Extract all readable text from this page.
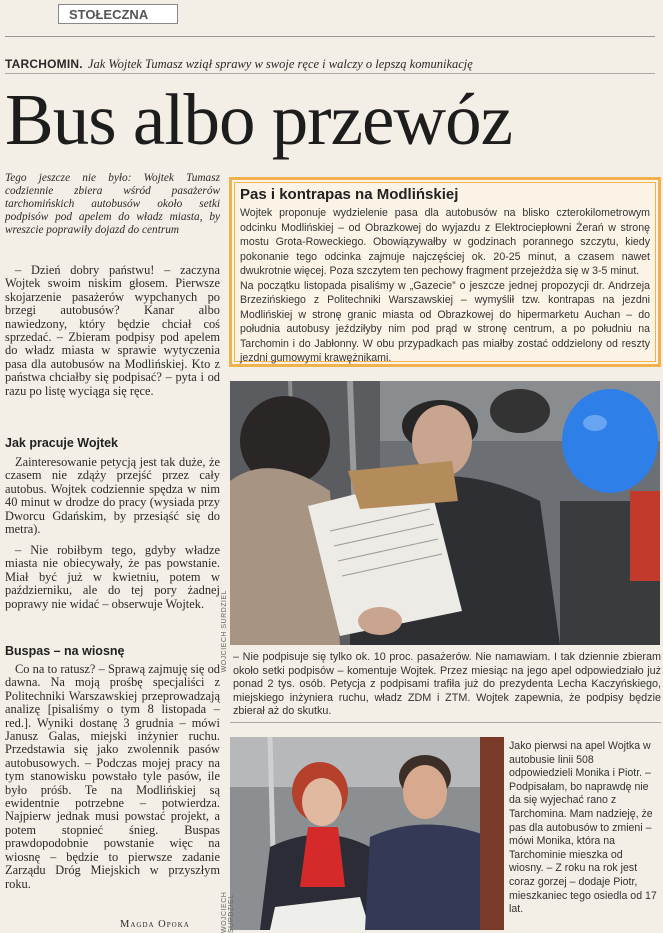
STOŁECZNA
TARCHOMIN. Jak Wojtek Tumasz wziął sprawy w swoje ręce i walczy o lepszą komunikację
Bus albo przewóz
Tego jeszcze nie było: Wojtek Tumasz codziennie zbiera wśród pasażerów tarchomińskich autobusów około setki podpisów pod apelem do władz miasta, by wreszcie poprawiły dojazd do centrum

– Dzień dobry państwu! – zaczyna Wojtek swoim niskim głosem. Pierwsze skojarzenie pasażerów wypchanych po brzegi autobusów? Kanar albo nawiedzony, który będzie chciał coś sprzedać. – Zbieram podpisy pod apelem do władz miasta w sprawie wytyczenia pasa dla autobusów na Modlińskiej. Kto z państwa chciałby się podpisać? – pyta i od razu po listę wyciąga się ręce.

Jak pracuje Wojtek

Zainteresowanie petycją jest tak duże, że czasem nie zdąży przejść przez cały autobus. Wojtek codziennie spędza w nim 40 minut w drodze do pracy (wysiada przy Dworcu Gdańskim, by przesiąść się do metra).

– Nie robiłbym tego, gdyby władze miasta nie obiecywały, że pas powstanie. Miał być już w kwietniu, potem w październiku, ale do tej pory żadnej poprawy nie widać – obserwuje Wojtek.

Buspas – na wiosnę

Co na to ratusz? – Sprawą zajmuję się od dawna. Na moją prośbę specjaliści z Politechniki Warszawskiej przeprowadzają analizę [pisaliśmy o tym 8 listopada – red.]. Wyniki dostanę 3 grudnia – mówi Janusz Galas, miejski inżynier ruchu. Przedstawia się jako zwolennik pasów autobusowych. – Podczas mojej pracy na tym stanowisku powstało tyle pasów, ile było próśb. Te na Modlińskiej są ewidentnie potrzebne – potwierdza. Najpierw jednak musi powstać projekt, a potem stopnieć śnieg. Buspas prawdopodobnie powstanie więc na wiosnę – będzie to pierwsze zadanie Zarządu Dróg Miejskich w przyszłym roku.

Magda Opoka
Pas i kontrapas na Modlińskiej

Wojtek proponuje wydzielenie pasa dla autobusów na blisko czterokilometrowym odcinku Modlińskiej – od Obrazkowej do wyjazdu z Elektrociepłowni Żerań w stronę mostu Grota-Roweckiego. Obowiązywałby w godzinach porannego szczytu, kiedy pokonanie tego odcinka zajmuje najczęściej ok. 20-25 minut, a czasem nawet dwukrotnie więcej. Poza szczytem ten pechowy fragment przejeżdża się w 3-5 minut.

Na początku listopada pisaliśmy w „Gazecie” o jeszcze jednej propozycji dr. Andrzeja Brzezińskiego z Politechniki Warszawskiej – wymyślił tzw. kontrapas na jezdni Modlińskiej w stronę granic miasta od Obrazkowej do hipermarketu Auchan – do południa autobusy jeździłyby nim pod prąd w stronę centrum, a po południu na Tarchomin i do Jabłonny. W obu przypadkach pas miałby zostać oddzielony od reszty jezdni gumowymi krawężnikami.

WOJCIECH SURDZIEL – Nie podpisuje się tylko ok. 10 proc. pasażerów. Nie namawiam. I tak dziennie zbieram około setki podpisów – komentuje Wojtek. Przez miesiąc na jego apel odpowiedziało już ponad 2 tys. osób. Petycja z podpisami trafiła już do prezydenta Lecha Kaczyńskiego, miejskiego inżyniera ruchu, władz ZDM i ZTM. Wojtek zapewnia, że podpisy będzie zbierał aż do skutku.
WOJCIECH SURDZIEL
Jako pierwsi na apel Wojtka w autobusie linii 508 odpowiedzieli Monika i Piotr. – Podpisałam, bo naprawdę nie da się wyjechać rano z Tarchomina. Mam nadzieję, że pas dla autobusów to zmieni – mówi Monika, która na Tarchominie mieszka od wiosny. – Z roku na rok jest coraz gorzej – dodaje Piotr, mieszkaniec tego osiedla od 17 lat.
